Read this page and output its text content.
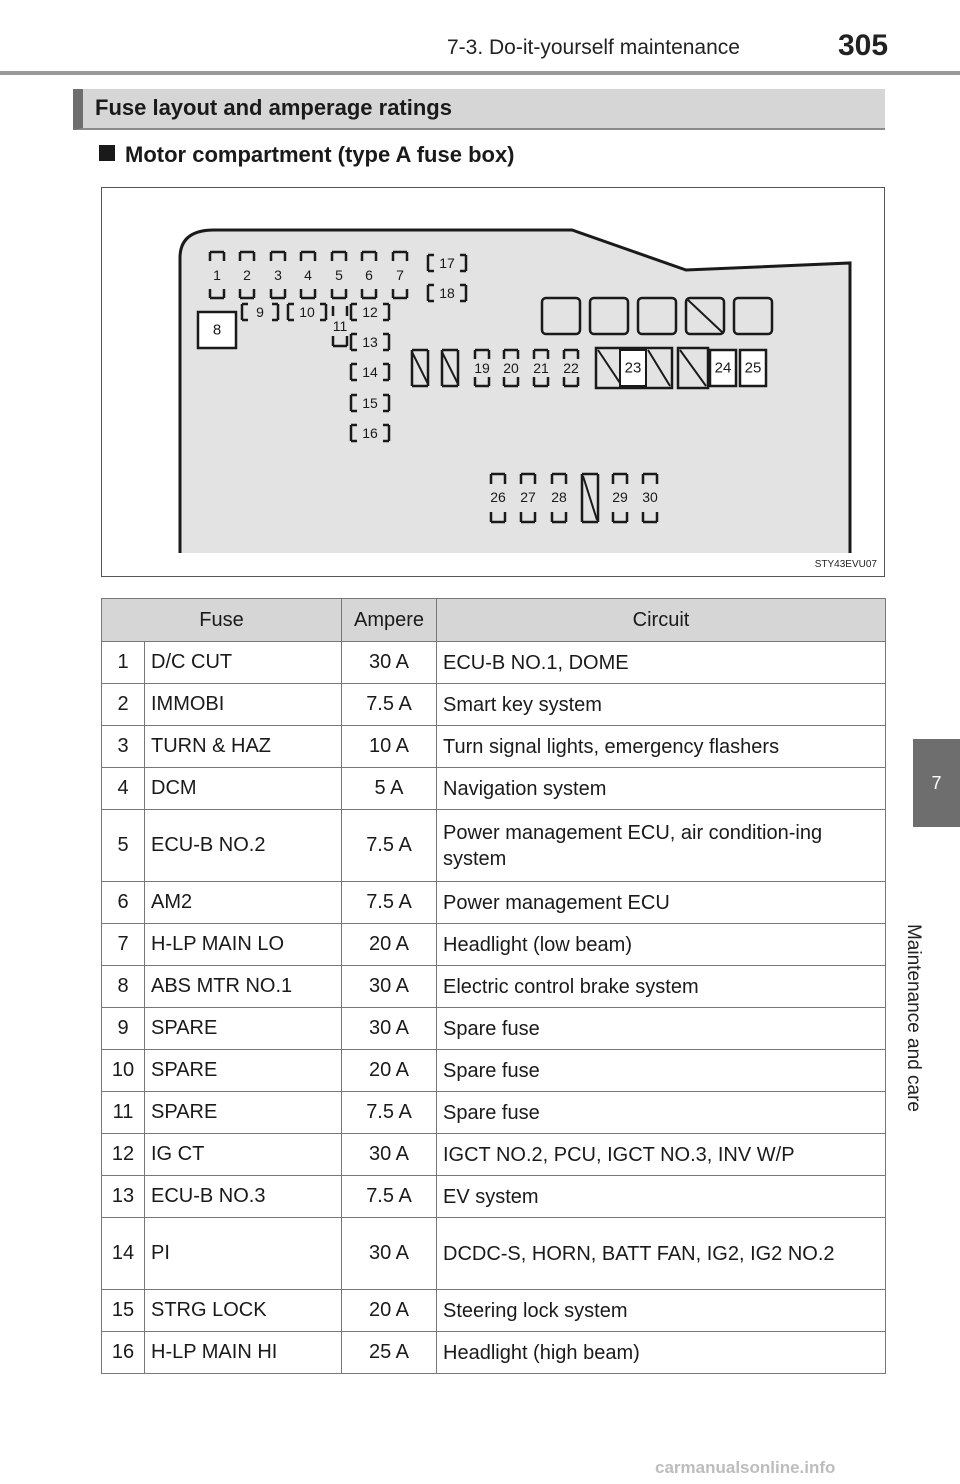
7-3. Do-it-yourself maintenance	305
7
Maintenance and care
Fuse layout and amperage ratings
Motor compartment (type A fuse box)
1 2 3 4 5 6 7
8
9	10	12
13
14
15
16
17
18
11
19 20 21 22	23	24 25
26 27 28	29 30
STY43EVU07
Fuse		Ampere	Circuit
1	D/C CUT	30 A	ECU-B NO.1, DOME
2	IMMOBI	7.5 A	Smart key system
3	TURN & HAZ	10 A	Turn signal lights, emergency flashers
4	DCM	5 A	Navigation system
5	ECU-B NO.2	7.5 A	Power management ECU, air condition-ing system
6	AM2	7.5 A	Power management ECU
7	H-LP MAIN LO	20 A	Headlight (low beam)
8	ABS MTR NO.1	30 A	Electric control brake system
9	SPARE	30 A	Spare fuse
10	SPARE	20 A	Spare fuse
11	SPARE	7.5 A	Spare fuse
12	IG CT	30 A	IGCT NO.2, PCU, IGCT NO.3, INV W/P
13	ECU-B NO.3	7.5 A	EV system
14	PI	30 A	DCDC-S, HORN, BATT FAN, IG2, IG2 NO.2
15	STRG LOCK	20 A	Steering lock system
16	H-LP MAIN HI	25 A	Headlight (high beam)
carmanualsonline.info
